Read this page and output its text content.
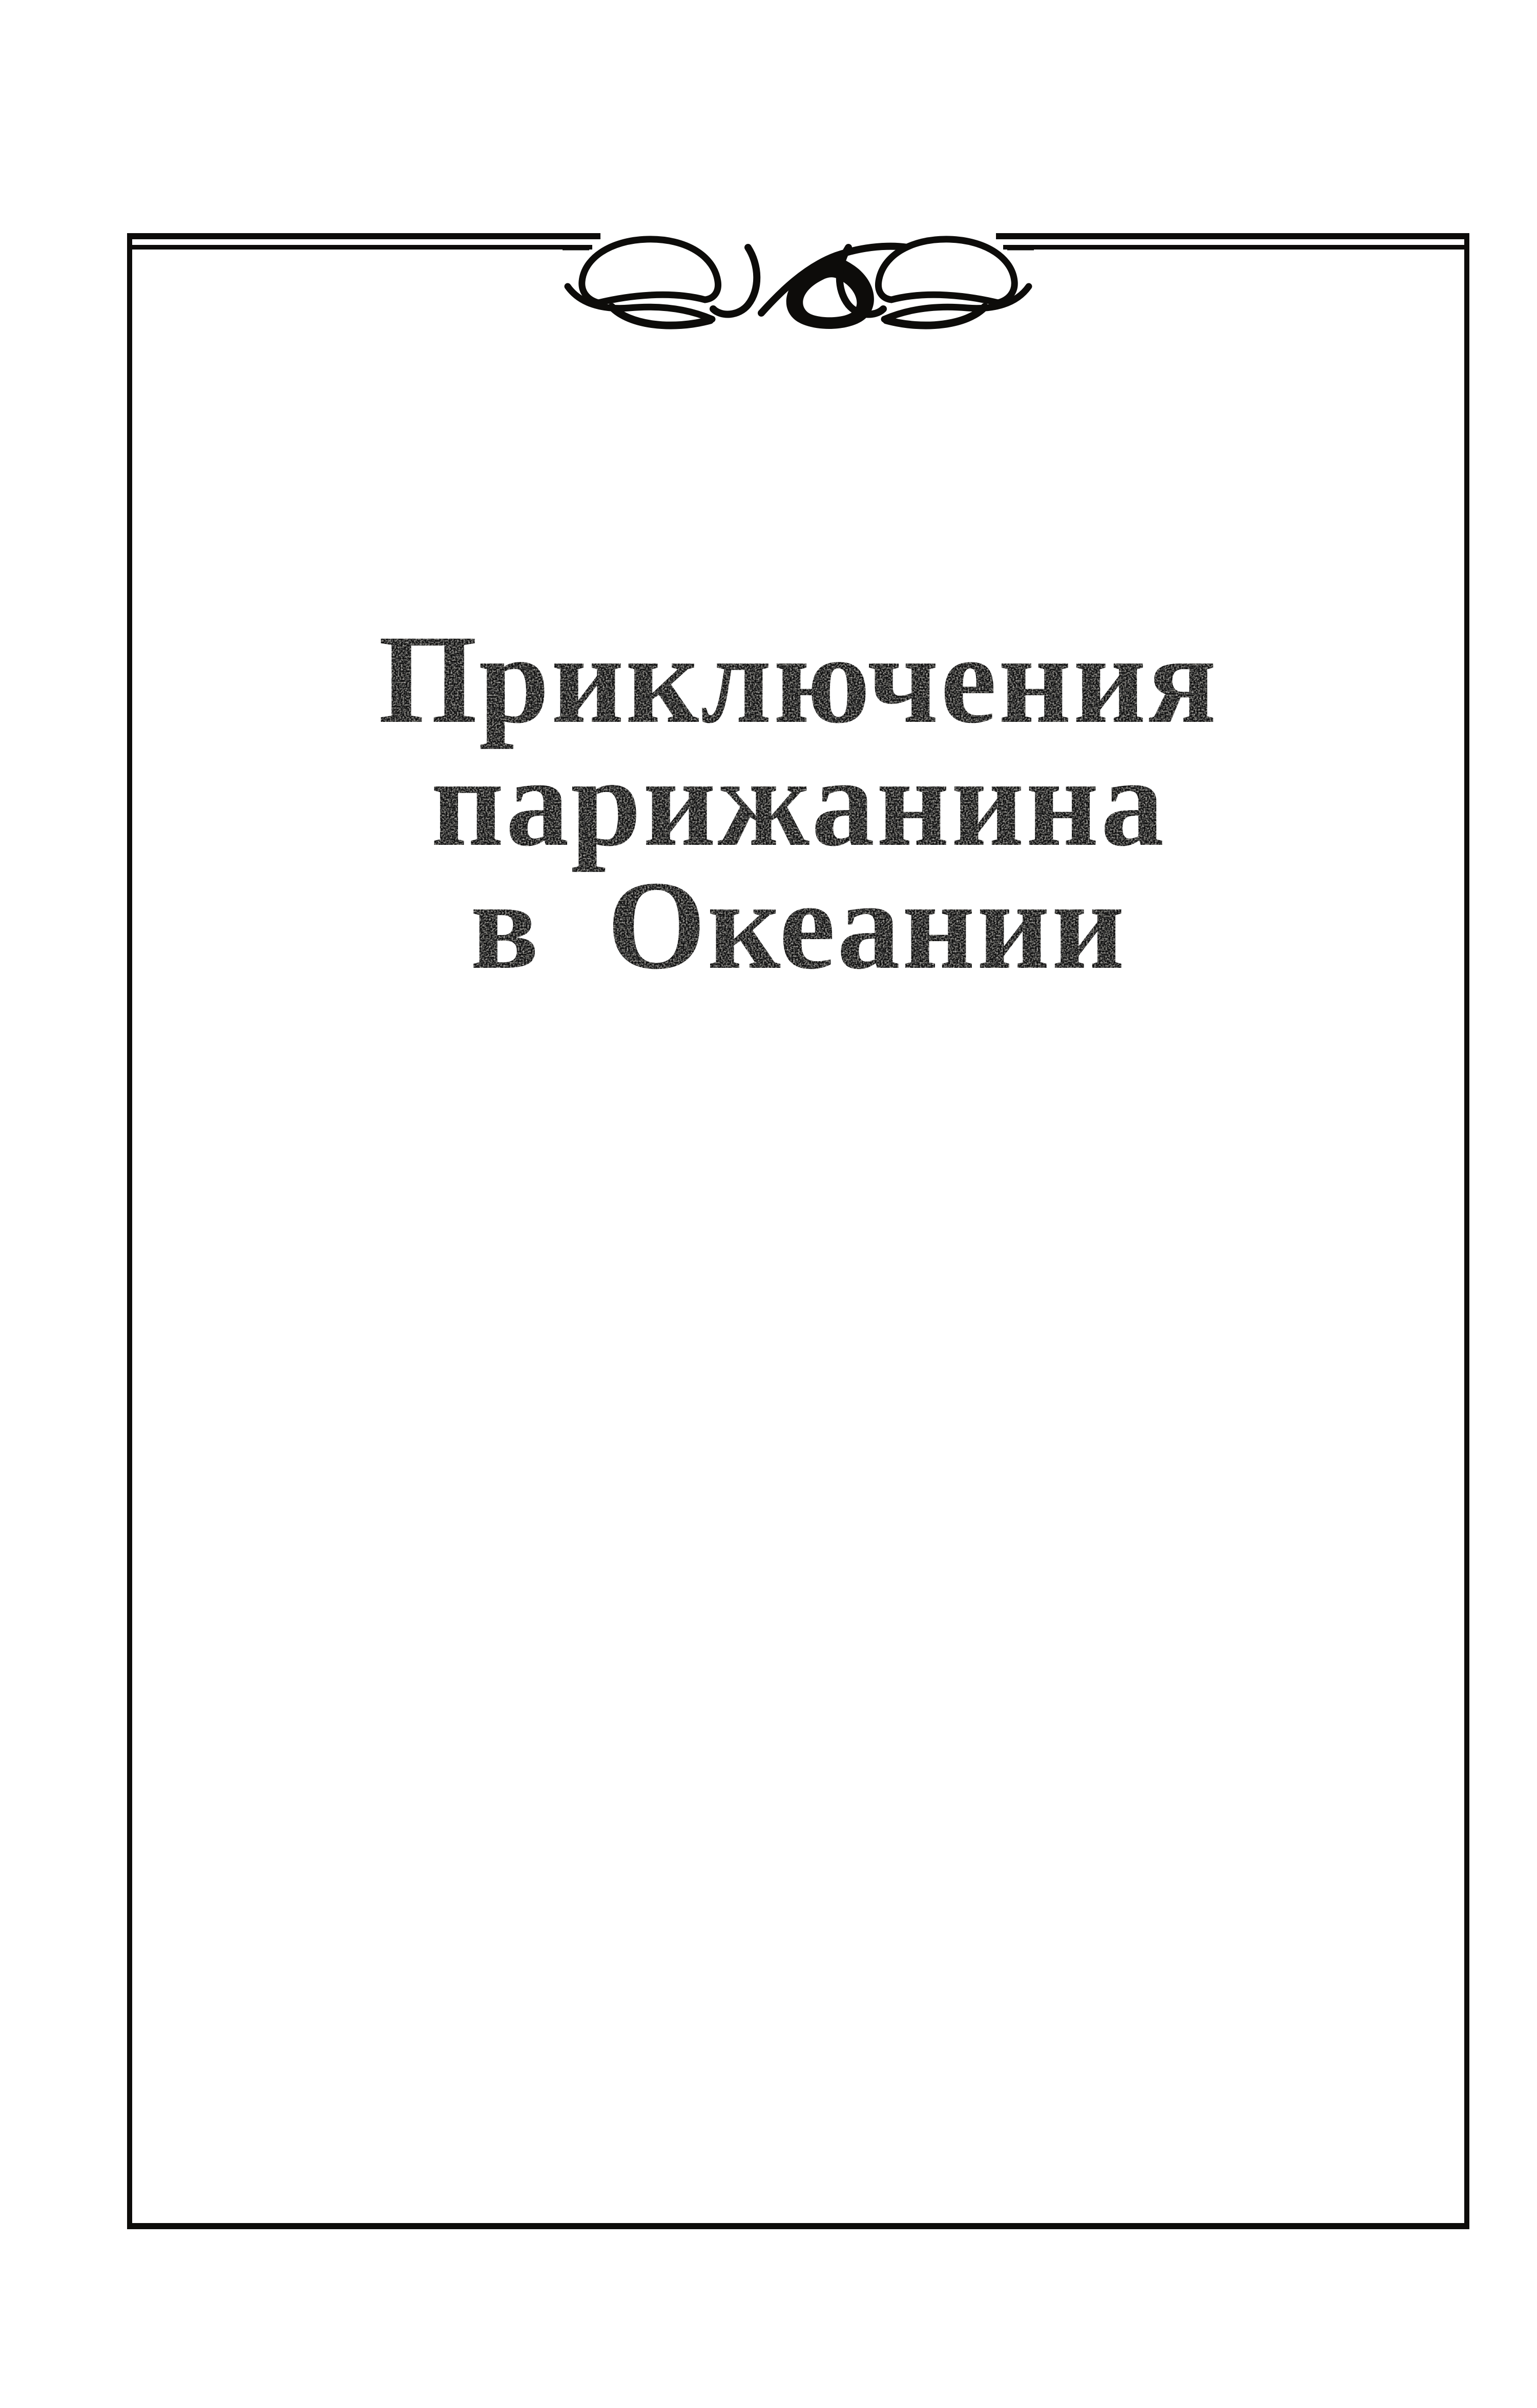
Приключения
парижанина
в  Океании
